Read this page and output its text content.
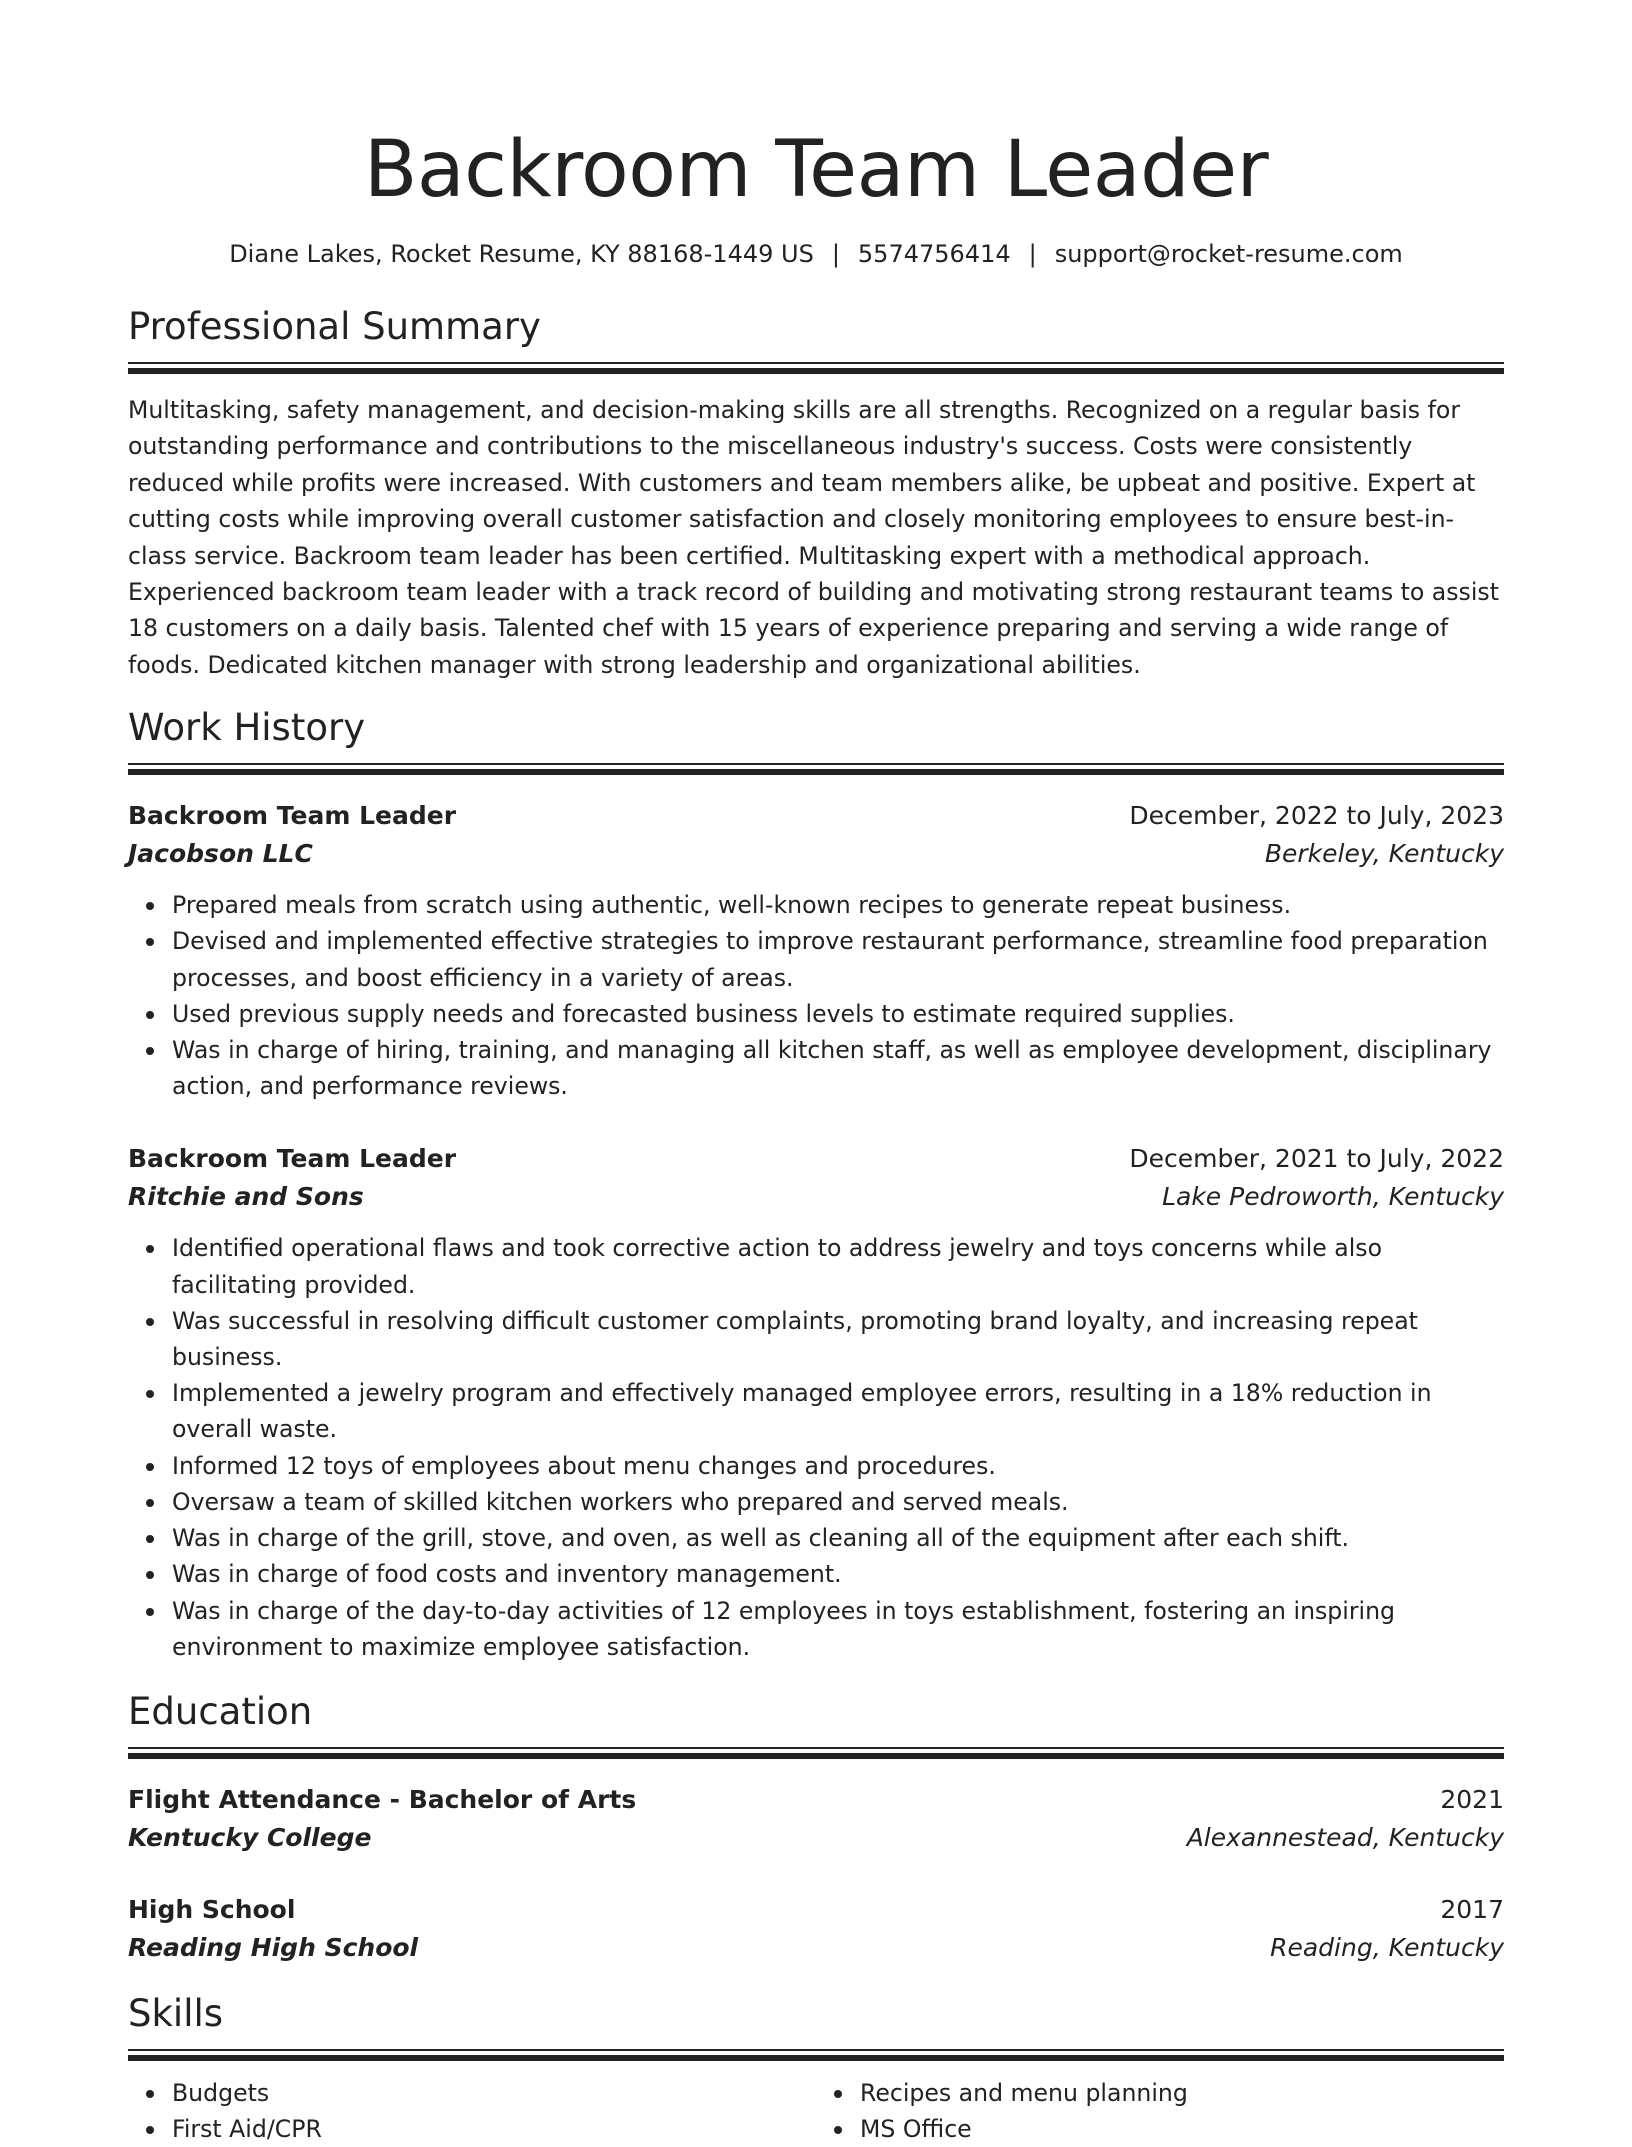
Backroom Team Leader
Diane Lakes, Rocket Resume, KY 88168-1449 US | 5574756414 | support@rocket-resume.com
Professional Summary

Multitasking, safety management, and decision-making skills are all strengths. Recognized on a regular basis for outstanding performance and contributions to the miscellaneous industry's success. Costs were consistently reduced while profits were increased. With customers and team members alike, be upbeat and positive. Expert at cutting costs while improving overall customer satisfaction and closely monitoring employees to ensure best-in-class service. Backroom team leader has been certified. Multitasking expert with a methodical approach. Experienced backroom team leader with a track record of building and motivating strong restaurant teams to assist 18 customers on a daily basis. Talented chef with 15 years of experience preparing and serving a wide range of foods. Dedicated kitchen manager with strong leadership and organizational abilities.

Work History
Backroom Team Leader	December, 2022 to July, 2023
Jacobson LLC	Berkeley, Kentucky
Prepared meals from scratch using authentic, well-known recipes to generate repeat business.
Devised and implemented effective strategies to improve restaurant performance, streamline food preparation processes, and boost efficiency in a variety of areas.
Used previous supply needs and forecasted business levels to estimate required supplies.
Was in charge of hiring, training, and managing all kitchen staff, as well as employee development, disciplinary action, and performance reviews.
Backroom Team Leader	December, 2021 to July, 2022
Ritchie and Sons	Lake Pedroworth, Kentucky
Identified operational flaws and took corrective action to address jewelry and toys concerns while also facilitating provided.
Was successful in resolving difficult customer complaints, promoting brand loyalty, and increasing repeat business.
Implemented a jewelry program and effectively managed employee errors, resulting in a 18% reduction in overall waste.
Informed 12 toys of employees about menu changes and procedures.
Oversaw a team of skilled kitchen workers who prepared and served meals.
Was in charge of the grill, stove, and oven, as well as cleaning all of the equipment after each shift.
Was in charge of food costs and inventory management.
Was in charge of the day-to-day activities of 12 employees in toys establishment, fostering an inspiring environment to maximize employee satisfaction.
Education
Flight Attendance - Bachelor of Arts	2021
Kentucky College	Alexannestead, Kentucky
High School	2017
Reading High School	Reading, Kentucky
Skills
Budgets
First Aid/CPR
Recipes and menu planning
MS Office
